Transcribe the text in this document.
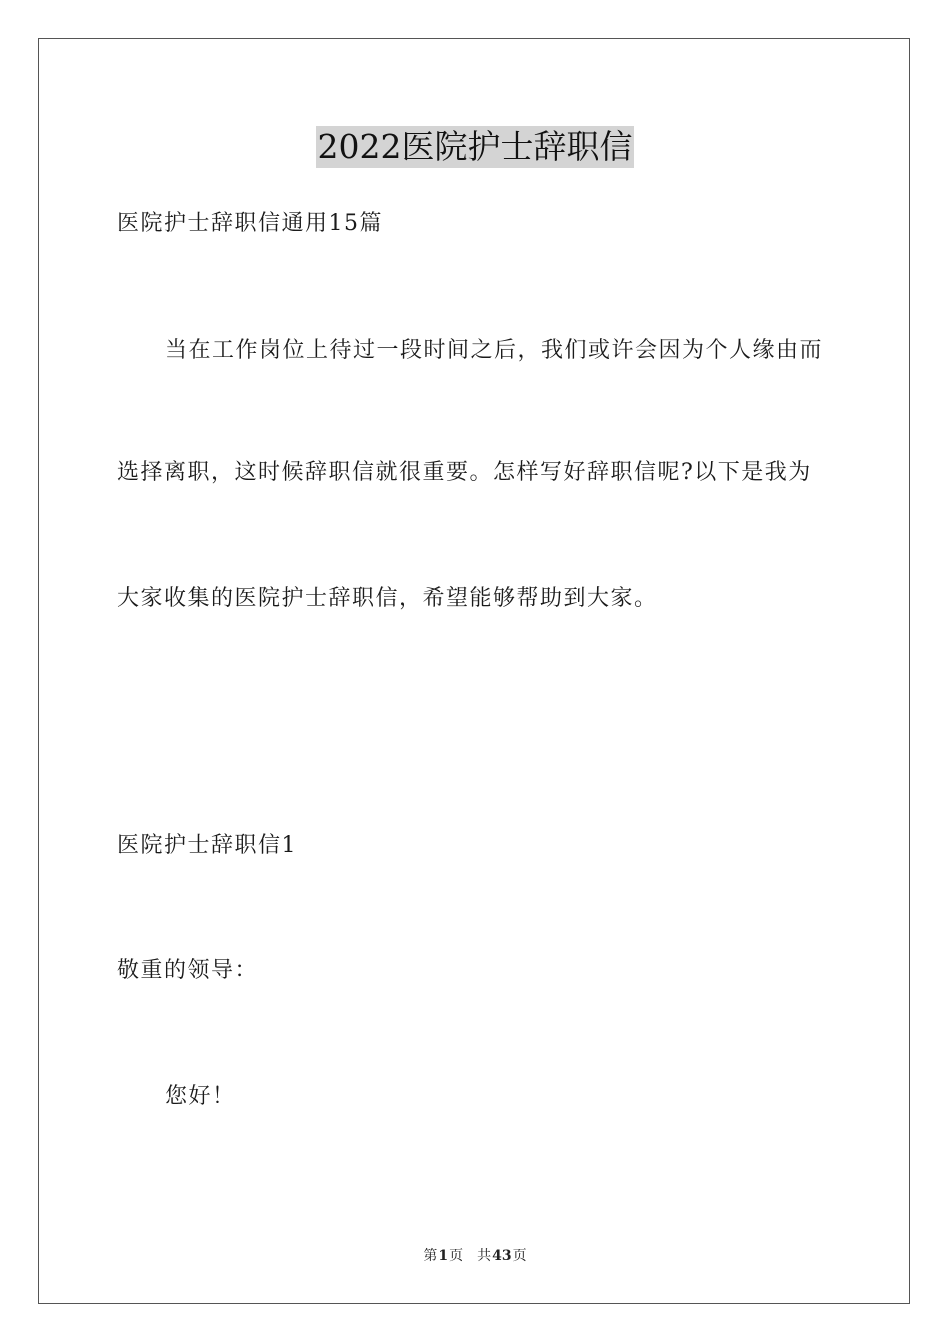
2022医院护士辞职信
医院护士辞职信通用15篇
当在工作岗位上待过一段时间之后，我们或许会因为个人缘由而
选择离职，这时候辞职信就很重要。怎样写好辞职信呢?以下是我为
大家收集的医院护士辞职信，希望能够帮助到大家。
医院护士辞职信1
敬重的领导：
您好！
第1页 共43页
